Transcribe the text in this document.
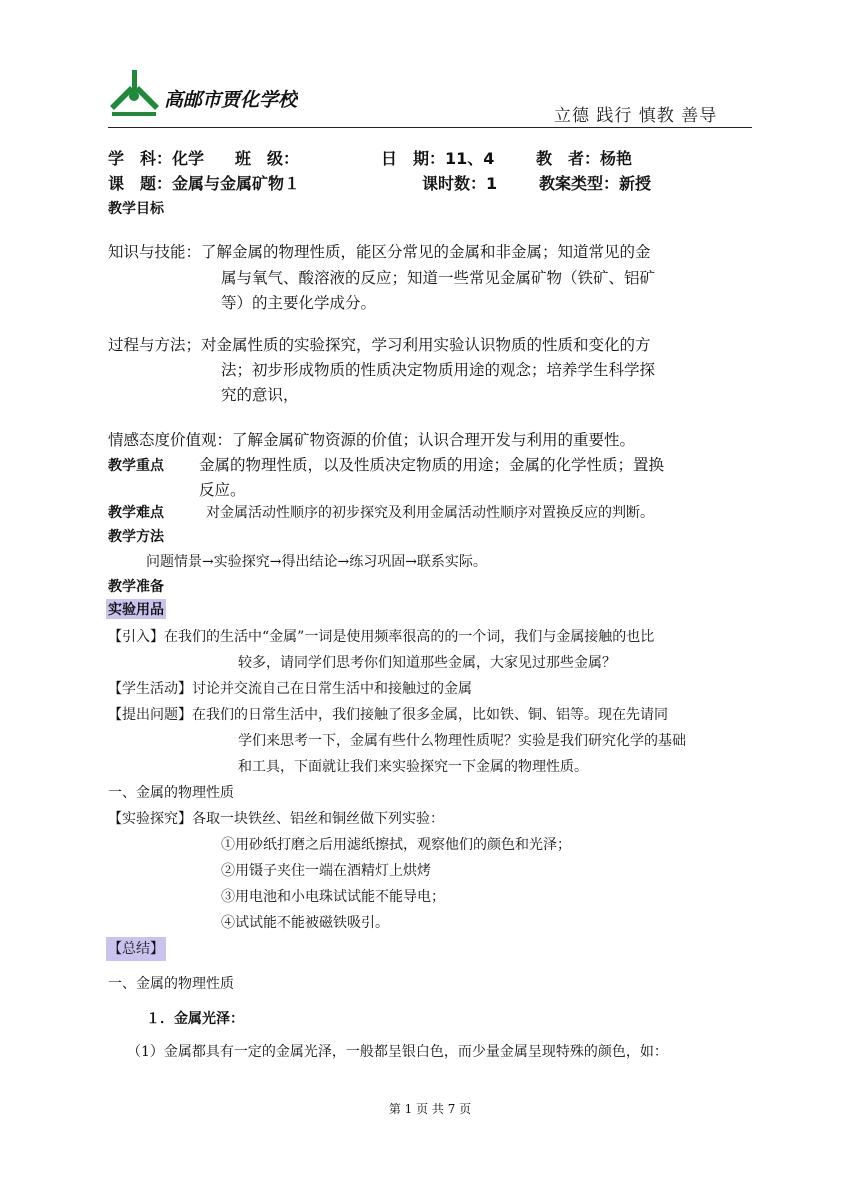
高邮市贾化学校
立德 践行 慎教 善导
学　科：化学 班　级：	日　期：11、4	教　者：杨艳
课　题：金属与金属矿物１	课时数：1	教案类型：新授
教学目标
知识与技能：了解金属的物理性质，能区分常见的金属和非金属；知道常见的金
属与氧气、酸溶液的反应；知道一些常见金属矿物（铁矿、铝矿
等）的主要化学成分。
过程与方法；对金属性质的实验探究，学习利用实验认识物质的性质和变化的方
法；初步形成物质的性质决定物质用途的观念；培养学生科学探
究的意识，
情感态度价值观：了解金属矿物资源的价值；认识合理开发与利用的重要性。
教学重点 金属的物理性质，以及性质决定物质的用途；金属的化学性质；置换
反应。
教学难点	对金属活动性顺序的初步探究及利用金属活动性顺序对置换反应的判断。
教学方法
问题情景→实验探究→得出结论→练习巩固→联系实际。
教学准备
实验用品
【引入】在我们的生活中“金属”一词是使用频率很高的的一个词，我们与金属接触的也比
较多，请同学们思考你们知道那些金属，大家见过那些金属？
【学生活动】讨论并交流自己在日常生活中和接触过的金属
【提出问题】在我们的日常生活中，我们接触了很多金属，比如铁、铜、铝等。现在先请同
学们来思考一下，金属有些什么物理性质呢？实验是我们研究化学的基础
和工具，下面就让我们来实验探究一下金属的物理性质。
一、金属的物理性质
【实验探究】各取一块铁丝、铝丝和铜丝做下列实验：
①用砂纸打磨之后用滤纸擦拭，观察他们的颜色和光泽；
②用镊子夹住一端在酒精灯上烘烤
③用电池和小电珠试试能不能导电；
④试试能不能被磁铁吸引。
【总结】
一、金属的物理性质
１．金属光泽：
（1）金属都具有一定的金属光泽，一般都呈银白色，而少量金属呈现特殊的颜色，如：
第 1 页 共 7 页
